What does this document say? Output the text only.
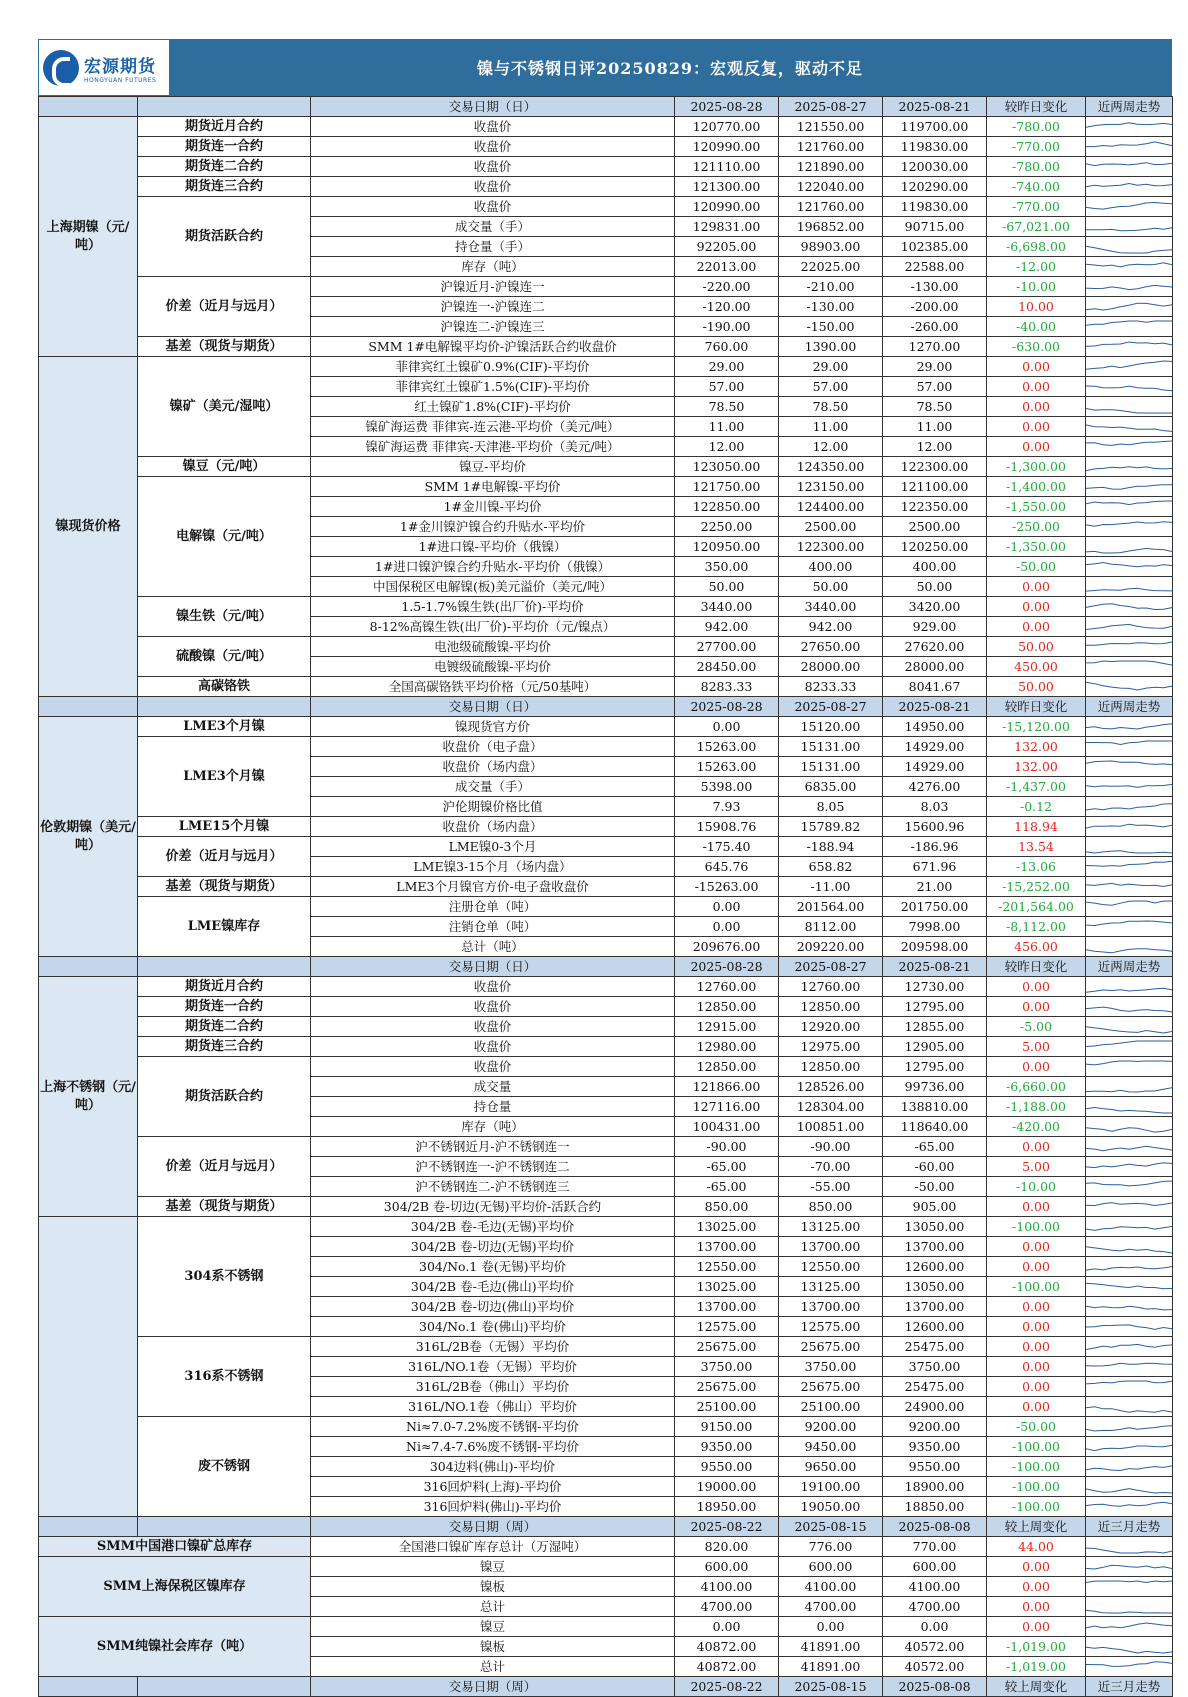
宏源期货
HONGYUAN FUTURES
镍与不锈钢日评20250829：宏观反复，驱动不足
		交易日期（日）	2025-08-28	2025-08-27	2025-08-21	较昨日变化	近两周走势
上海期镍（元/吨）	期货近月合约	收盘价	120770.00	121550.00	119700.00	-780.00	

	期货连一合约	收盘价	120990.00	121760.00	119830.00	-770.00	

	期货连二合约	收盘价	121110.00	121890.00	120030.00	-780.00	

	期货连三合约	收盘价	121300.00	122040.00	120290.00	-740.00	

	期货活跃合约	收盘价	120990.00	121760.00	119830.00	-770.00	

		成交量（手）	129831.00	196852.00	90715.00	-67,021.00	

		持仓量（手）	92205.00	98903.00	102385.00	-6,698.00	

		库存（吨）	22013.00	22025.00	22588.00	-12.00	

	价差（近月与远月）	沪镍近月-沪镍连一	-220.00	-210.00	-130.00	-10.00	

		沪镍连一-沪镍连二	-120.00	-130.00	-200.00	10.00	

		沪镍连二-沪镍连三	-190.00	-150.00	-260.00	-40.00	

	基差（现货与期货）	SMM 1#电解镍平均价-沪镍活跃合约收盘价	760.00	1390.00	1270.00	-630.00	

镍现货价格	镍矿（美元/湿吨）	菲律宾红土镍矿0.9%(CIF)-平均价	29.00	29.00	29.00	0.00	

		菲律宾红土镍矿1.5%(CIF)-平均价	57.00	57.00	57.00	0.00	

		红土镍矿1.8%(CIF)-平均价	78.50	78.50	78.50	0.00	

		镍矿海运费 菲律宾-连云港-平均价（美元/吨）	11.00	11.00	11.00	0.00	

		镍矿海运费 菲律宾-天津港-平均价（美元/吨）	12.00	12.00	12.00	0.00	

	镍豆（元/吨）	镍豆-平均价	123050.00	124350.00	122300.00	-1,300.00	

	电解镍（元/吨）	SMM 1#电解镍-平均价	121750.00	123150.00	121100.00	-1,400.00	

		1#金川镍-平均价	122850.00	124400.00	122350.00	-1,550.00	

		1#金川镍沪镍合约升贴水-平均价	2250.00	2500.00	2500.00	-250.00	

		1#进口镍-平均价（俄镍）	120950.00	122300.00	120250.00	-1,350.00	

		1#进口镍沪镍合约升贴水-平均价（俄镍）	350.00	400.00	400.00	-50.00	

		中国保税区电解镍(板)美元溢价（美元/吨）	50.00	50.00	50.00	0.00	

	镍生铁（元/吨）	1.5-1.7%镍生铁(出厂价)-平均价	3440.00	3440.00	3420.00	0.00	

		8-12%高镍生铁(出厂价)-平均价（元/镍点）	942.00	942.00	929.00	0.00	

	硫酸镍（元/吨）	电池级硫酸镍-平均价	27700.00	27650.00	27620.00	50.00	

		电镀级硫酸镍-平均价	28450.00	28000.00	28000.00	450.00	

	高碳铬铁	全国高碳铬铁平均价格（元/50基吨）	8283.33	8233.33	8041.67	50.00	

		交易日期（日）	2025-08-28	2025-08-27	2025-08-21	较昨日变化	近两周走势
伦敦期镍（美元/吨）	LME3个月镍	镍现货官方价	0.00	15120.00	14950.00	-15,120.00	

	LME3个月镍	收盘价（电子盘）	15263.00	15131.00	14929.00	132.00	

		收盘价（场内盘）	15263.00	15131.00	14929.00	132.00	

		成交量（手）	5398.00	6835.00	4276.00	-1,437.00	

		沪伦期镍价格比值	7.93	8.05	8.03	-0.12	

	LME15个月镍	收盘价（场内盘）	15908.76	15789.82	15600.96	118.94	

	价差（近月与远月）	LME镍0-3个月	-175.40	-188.94	-186.96	13.54	

		LME镍3-15个月（场内盘）	645.76	658.82	671.96	-13.06	

	基差（现货与期货）	LME3个月镍官方价-电子盘收盘价	-15263.00	-11.00	21.00	-15,252.00	

	LME镍库存	注册仓单（吨）	0.00	201564.00	201750.00	-201,564.00	

		注销仓单（吨）	0.00	8112.00	7998.00	-8,112.00	

		总计（吨）	209676.00	209220.00	209598.00	456.00	

		交易日期（日）	2025-08-28	2025-08-27	2025-08-21	较昨日变化	近两周走势
上海不锈钢（元/吨）	期货近月合约	收盘价	12760.00	12760.00	12730.00	0.00	

	期货连一合约	收盘价	12850.00	12850.00	12795.00	0.00	

	期货连二合约	收盘价	12915.00	12920.00	12855.00	-5.00	

	期货连三合约	收盘价	12980.00	12975.00	12905.00	5.00	

	期货活跃合约	收盘价	12850.00	12850.00	12795.00	0.00	

		成交量	121866.00	128526.00	99736.00	-6,660.00	

		持仓量	127116.00	128304.00	138810.00	-1,188.00	

		库存（吨）	100431.00	100851.00	118640.00	-420.00	

	价差（近月与远月）	沪不锈钢近月-沪不锈钢连一	-90.00	-90.00	-65.00	0.00	

		沪不锈钢连一-沪不锈钢连二	-65.00	-70.00	-60.00	5.00	

		沪不锈钢连二-沪不锈钢连三	-65.00	-55.00	-50.00	-10.00	

	基差（现货与期货）	304/2B 卷-切边(无锡)平均价-活跃合约	850.00	850.00	905.00	0.00	

	304系不锈钢	304/2B 卷-毛边(无锡)平均价	13025.00	13125.00	13050.00	-100.00	

		304/2B 卷-切边(无锡)平均价	13700.00	13700.00	13700.00	0.00	

		304/No.1 卷(无锡)平均价	12550.00	12550.00	12600.00	0.00	

		304/2B 卷-毛边(佛山)平均价	13025.00	13125.00	13050.00	-100.00	

		304/2B 卷-切边(佛山)平均价	13700.00	13700.00	13700.00	0.00	

		304/No.1 卷(佛山)平均价	12575.00	12575.00	12600.00	0.00	

	316系不锈钢	316L/2B卷（无锡）平均价	25675.00	25675.00	25475.00	0.00	

		316L/NO.1卷（无锡）平均价	3750.00	3750.00	3750.00	0.00	

		316L/2B卷（佛山）平均价	25675.00	25675.00	25475.00	0.00	

		316L/NO.1卷（佛山）平均价	25100.00	25100.00	24900.00	0.00	

	废不锈钢	Ni≈7.0-7.2%废不锈钢-平均价	9150.00	9200.00	9200.00	-50.00	

		Ni≈7.4-7.6%废不锈钢-平均价	9350.00	9450.00	9350.00	-100.00	

		304边料(佛山)-平均价	9550.00	9650.00	9550.00	-100.00	

		316回炉料(上海)-平均价	19000.00	19100.00	18900.00	-100.00	

		316回炉料(佛山)-平均价	18950.00	19050.00	18850.00	-100.00	

		交易日期（周）	2025-08-22	2025-08-15	2025-08-08	较上周变化	近三月走势
SMM中国港口镍矿总库存		全国港口镍矿库存总计（万湿吨）	820.00	776.00	770.00	44.00	

SMM上海保税区镍库存		镍豆	600.00	600.00	600.00	0.00	

		镍板	4100.00	4100.00	4100.00	0.00	

		总计	4700.00	4700.00	4700.00	0.00	

SMM纯镍社会库存（吨）		镍豆	0.00	0.00	0.00	0.00	

		镍板	40872.00	41891.00	40572.00	-1,019.00	

		总计	40872.00	41891.00	40572.00	-1,019.00	

		交易日期（周）	2025-08-22	2025-08-15	2025-08-08	较上周变化	近三月走势
